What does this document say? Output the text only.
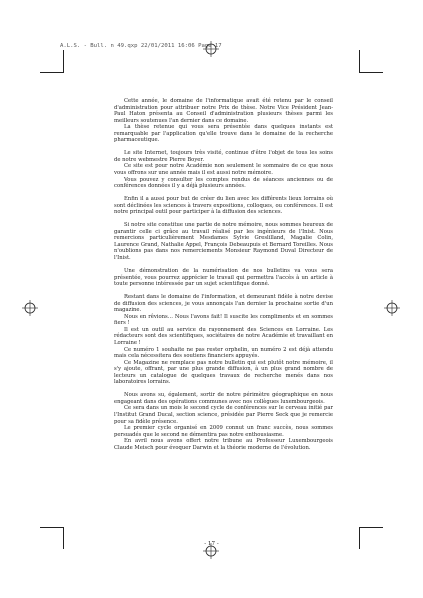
A.L.S. - Bull. n 49.qxp 22/01/2011 16:06 Page 17

Cette année, le domaine de l'informatique avait été retenu par le conseil d'administration pour attribuer notre Prix de thèse. Notre Vice Président Jean-Paul Haton présenta au Conseil d'administration plusieurs thèses parmi les meilleurs soutenues l'an dernier dans ce domaine.

La thèse retenue qui vous sera présentée dans quelques instants est remarquable par l'application qu'elle trouve dans le domaine de la recherche pharmaceutique.

Le site Internet, toujours très visité, continue d'être l'objet de tous les soins de notre webmestre Pierre Boyer.

Ce site est pour notre Académie non seulement le sommaire de ce que nous vous offrons sur une année mais il est aussi notre mémoire.

Vous pouvez y consulter les comptes rendus de séances anciennes ou de conférences données il y a déjà plusieurs années.

Enfin il a aussi pour but de créer du lien avec les différents lieux lorrains où sont déclinées les sciences à travers expositions, colloques, ou conférences. Il est notre principal outil pour participer à la diffusion des sciences.

Si notre site constitue une partie de notre mémoire, nous sommes heureux de garantir celle ci grâce au travail réalisé par les ingénieurs de l'Inist. Nous remercions particulièrement Mesdames Sylvie Greslilland, Magalie Colin, Laurence Grand, Nathalie Appel, François Debeaupuis et Bernard Toreilles. Nous n'oublions pas dans nos remerciements Monsieur Raymond Duval Directeur de l'Inist.

Une démonstration de la numérisation de nos bulletins va vous sera présentée, vous pourrez apprécier le travail qui permettra l'accès à un article à toute personne intéressée par un sujet scientifique donné.

Restant dans le domaine de l'information, et demeurant fidèle à notre devise de diffusion des sciences, je vous annonçais l'an dernier la prochaine sortie d'un magazine.

Nous en rêvions… Nous l'avons fait! Il suscite les compliments et en sommes fiers !

Il est un outil au service du rayonnement des Sciences en Lorraine. Les rédacteurs sont des scientifiques, sociétaires de notre Académie et travaillant en Lorraine !

Ce numéro 1 souhaite ne pas rester orphelin, un numéro 2 est déjà attendu mais cela nécessitera des soutiens financiers appuyés.

Ce Magazine ne remplace pas notre bulletin qui est plutôt notre mémoire, il s'y ajoute, offrant, par une plus grande diffusion, à un plus grand nombre de lecteurs un catalogue de quelques travaux de recherche menés dans nos laboratoires lorrains.

Nous avons su, également, sortir de notre périmètre géographique en nous engageant dans des opérations communes avec nos collègues luxembourgeois.

Ce sera dans un mois le second cycle de conférences sur le cerveau initié par l'Institut Grand Ducal, section science, présidée par Pierre Seck que je remercie pour sa fidèle présence.

Le premier cycle organisé en 2009 connut un franc succès, nous sommes persuadés que le second ne démentira pas notre enthousiasme.

En avril nous avons offert notre tribune au Professeur Luxembourgeois Claude Meisch pour évoquer Darwin et la théorie moderne de l'évolution.

- 17 -
